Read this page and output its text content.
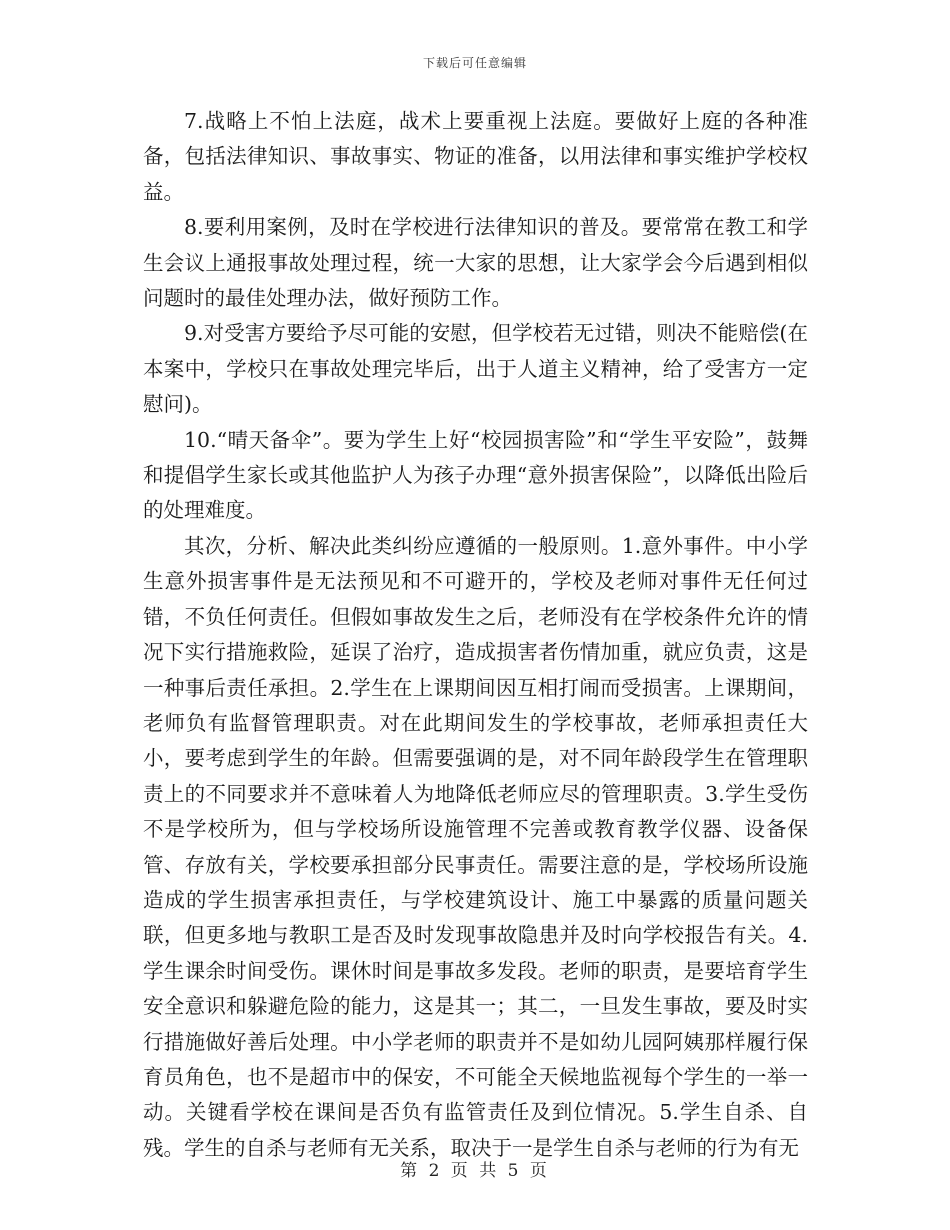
下载后可任意编辑

7.战略上不怕上法庭，战术上要重视上法庭。要做好上庭的各种准备，包括法律知识、事故事实、物证的准备，以用法律和事实维护学校权益。

8.要利用案例，及时在学校进行法律知识的普及。要常常在教工和学生会议上通报事故处理过程，统一大家的思想，让大家学会今后遇到相似问题时的最佳处理办法，做好预防工作。

9.对受害方要给予尽可能的安慰，但学校若无过错，则决不能赔偿(在本案中，学校只在事故处理完毕后，出于人道主义精神，给了受害方一定慰问)。

10.“晴天备伞”。要为学生上好“校园损害险”和“学生平安险”，鼓舞和提倡学生家长或其他监护人为孩子办理“意外损害保险”，以降低出险后的处理难度。

其次，分析、解决此类纠纷应遵循的一般原则。1.意外事件。中小学生意外损害事件是无法预见和不可避开的，学校及老师对事件无任何过错，不负任何责任。但假如事故发生之后，老师没有在学校条件允许的情况下实行措施救险，延误了治疗，造成损害者伤情加重，就应负责，这是一种事后责任承担。2.学生在上课期间因互相打闹而受损害。上课期间，老师负有监督管理职责。对在此期间发生的学校事故，老师承担责任大小，要考虑到学生的年龄。但需要强调的是，对不同年龄段学生在管理职责上的不同要求并不意味着人为地降低老师应尽的管理职责。3.学生受伤不是学校所为，但与学校场所设施管理不完善或教育教学仪器、设备保管、存放有关，学校要承担部分民事责任。需要注意的是，学校场所设施造成的学生损害承担责任，与学校建筑设计、施工中暴露的质量问题关联，但更多地与教职工是否及时发现事故隐患并及时向学校报告有关。4.学生课余时间受伤。课休时间是事故多发段。老师的职责，是要培育学生安全意识和躲避危险的能力，这是其一；其二，一旦发生事故，要及时实行措施做好善后处理。中小学老师的职责并不是如幼儿园阿姨那样履行保育员角色，也不是超市中的保安，不可能全天候地监视每个学生的一举一动。关键看学校在课间是否负有监管责任及到位情况。5.学生自杀、自残。学生的自杀与老师有无关系，取决于一是学生自杀与老师的行为有无

第 2 页 共 5 页
